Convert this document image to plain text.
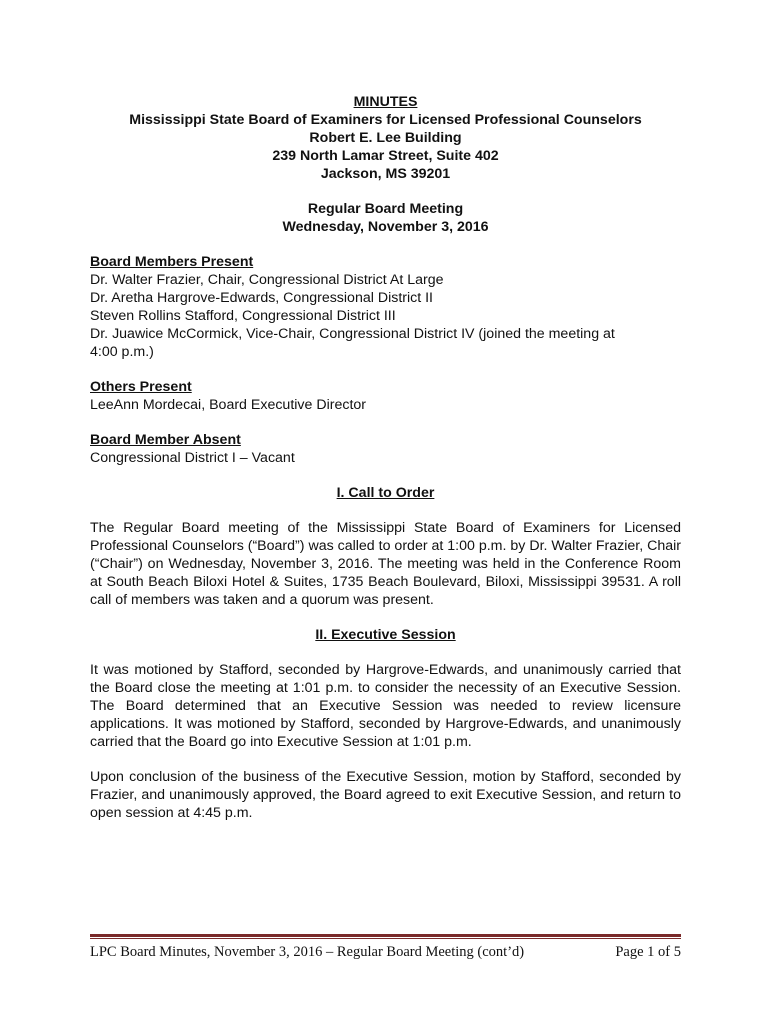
MINUTES
Mississippi State Board of Examiners for Licensed Professional Counselors
Robert E. Lee Building
239 North Lamar Street, Suite 402
Jackson, MS 39201
Regular Board Meeting
Wednesday, November 3, 2016
Board Members Present
Dr. Walter Frazier, Chair, Congressional District At Large
Dr. Aretha Hargrove-Edwards, Congressional District II
Steven Rollins Stafford, Congressional District III
Dr. Juawice McCormick, Vice-Chair, Congressional District IV (joined the meeting at
4:00 p.m.)
Others Present
LeeAnn Mordecai, Board Executive Director
Board Member Absent
Congressional District I – Vacant
I. Call to Order
The Regular Board meeting of the Mississippi State Board of Examiners for Licensed Professional Counselors (“Board”) was called to order at 1:00 p.m. by Dr. Walter Frazier, Chair (“Chair”) on Wednesday, November 3, 2016. The meeting was held in the Conference Room at South Beach Biloxi Hotel & Suites, 1735 Beach Boulevard, Biloxi, Mississippi 39531. A roll call of members was taken and a quorum was present.
II. Executive Session
It was motioned by Stafford, seconded by Hargrove-Edwards, and unanimously carried that the Board close the meeting at 1:01 p.m. to consider the necessity of an Executive Session. The Board determined that an Executive Session was needed to review licensure applications. It was motioned by Stafford, seconded by Hargrove-Edwards, and unanimously carried that the Board go into Executive Session at 1:01 p.m.
Upon conclusion of the business of the Executive Session, motion by Stafford, seconded by Frazier, and unanimously approved, the Board agreed to exit Executive Session, and return to open session at 4:45 p.m.
LPC Board Minutes, November 3, 2016 – Regular Board Meeting (cont’d)	Page 1 of 5
